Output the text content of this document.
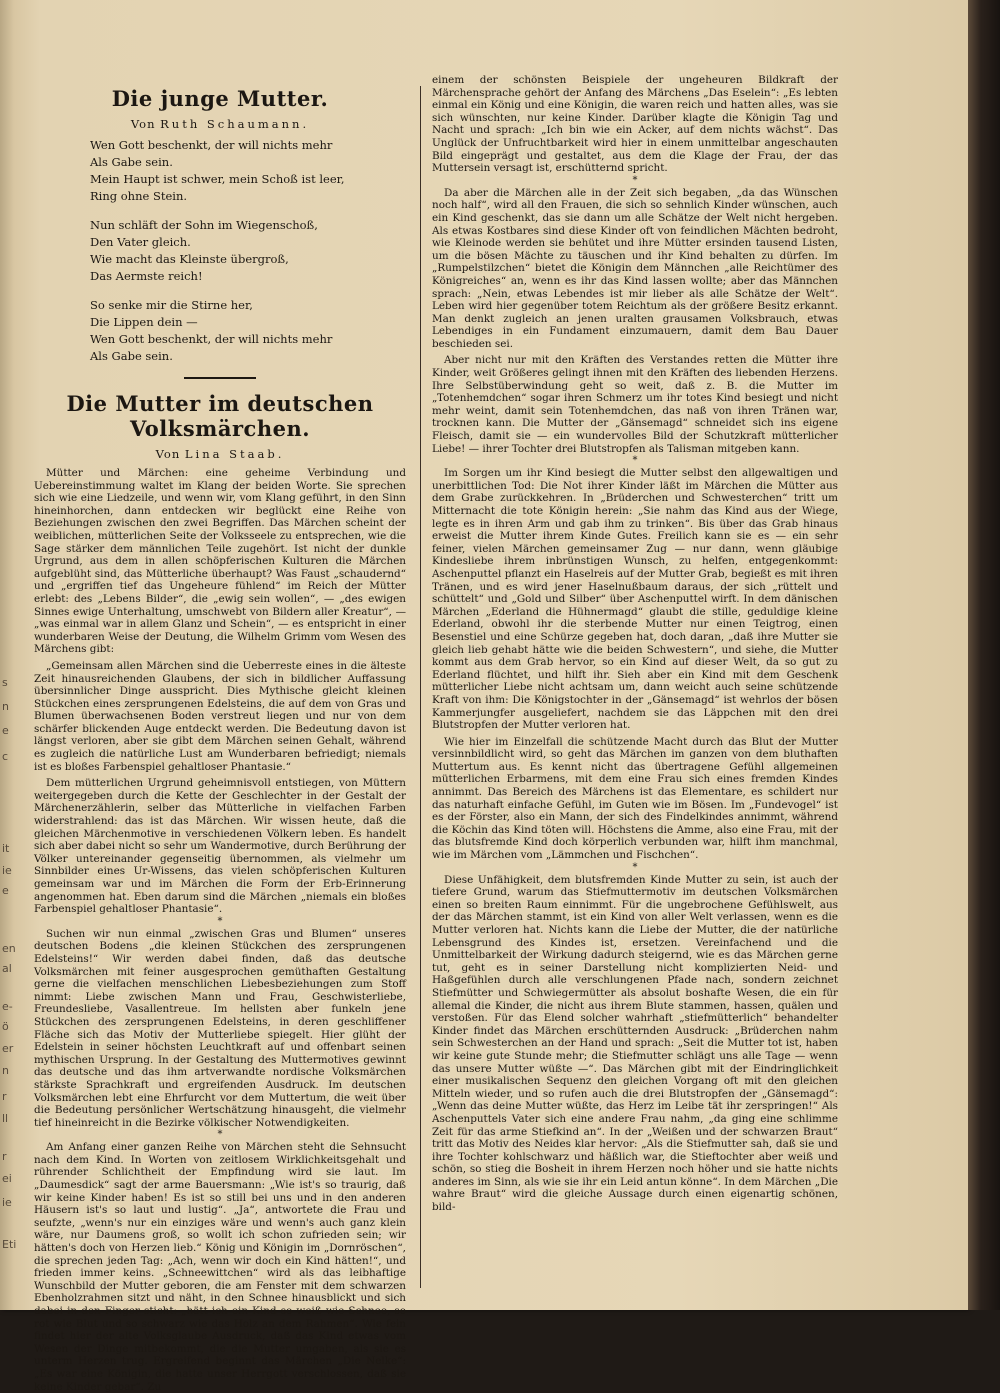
s
n
e
c
it
ie
e
en
al
e-
ö
er
n
r
ll
r
ei
ie
Eti
Die junge Mutter.
Von Ruth Schaumann.
Wen Gott beschenkt, der will nichts mehr
Als Gabe sein.
Mein Haupt ist schwer, mein Schoß ist leer,
Ring ohne Stein.
Nun schläft der Sohn im Wiegenschoß,
Den Vater gleich.
Wie macht das Kleinste übergroß,
Das Aermste reich!
So senke mir die Stirne her,
Die Lippen dein —
Wen Gott beschenkt, der will nichts mehr
Als Gabe sein.
Die Mutter im deutschen Volksmärchen.
Von Lina Staab.

Mütter und Märchen: eine geheime Verbindung und Uebereinstimmung waltet im Klang der beiden Worte. Sie sprechen sich wie eine Liedzeile, und wenn wir, vom Klang geführt, in den Sinn hineinhorchen, dann entdecken wir beglückt eine Reihe von Beziehungen zwischen den zwei Begriffen. Das Märchen scheint der weiblichen, mütterlichen Seite der Volksseele zu entsprechen, wie die Sage stärker dem männlichen Teile zugehört. Ist nicht der dunkle Urgrund, aus dem in allen schöpferischen Kulturen die Märchen aufgeblüht sind, das Mütterliche überhaupt? Was Faust „schaudernd“ und „ergriffen tief das Ungeheure fühlend“ im Reich der Mütter erlebt: des „Lebens Bilder“, die „ewig sein wollen“, — „des ewigen Sinnes ewige Unterhaltung, umschwebt von Bildern aller Kreatur“, — „was einmal war in allem Glanz und Schein“, — es entspricht in einer wunderbaren Weise der Deutung, die Wilhelm Grimm vom Wesen des Märchens gibt:

„Gemeinsam allen Märchen sind die Ueberreste eines in die älteste Zeit hinausreichenden Glaubens, der sich in bildlicher Auffassung übersinnlicher Dinge ausspricht. Dies Mythische gleicht kleinen Stückchen eines zersprungenen Edelsteins, die auf dem von Gras und Blumen überwachsenen Boden verstreut liegen und nur von dem schärfer blickenden Auge entdeckt werden. Die Bedeutung davon ist längst verloren, aber sie gibt dem Märchen seinen Gehalt, während es zugleich die natürliche Lust am Wunderbaren befriedigt; niemals ist es bloßes Farbenspiel gehaltloser Phantasie.“

Dem mütterlichen Urgrund geheimnisvoll entstiegen, von Müttern weitergegeben durch die Kette der Geschlechter in der Gestalt der Märchenerzählerin, selber das Mütterliche in vielfachen Farben widerstrahlend: das ist das Märchen. Wir wissen heute, daß die gleichen Märchenmotive in verschiedenen Völkern leben. Es handelt sich aber dabei nicht so sehr um Wandermotive, durch Berührung der Völker untereinander gegenseitig übernommen, als vielmehr um Sinnbilder eines Ur-Wissens, das vielen schöpferischen Kulturen gemeinsam war und im Märchen die Form der Erb-Erinnerung angenommen hat. Eben darum sind die Märchen „niemals ein bloßes Farbenspiel gehaltloser Phantasie“.

*

Suchen wir nun einmal „zwischen Gras und Blumen“ unseres deutschen Bodens „die kleinen Stückchen des zersprungenen Edelsteins!“ Wir werden dabei finden, daß das deutsche Volksmärchen mit feiner ausgesprochen gemüthaften Gestaltung gerne die vielfachen menschlichen Liebesbeziehungen zum Stoff nimmt: Liebe zwischen Mann und Frau, Geschwisterliebe, Freundesliebe, Vasallentreue. Im hellsten aber funkeln jene Stückchen des zersprungenen Edelsteins, in deren geschliffener Fläche sich das Motiv der Mutterliebe spiegelt. Hier glüht der Edelstein in seiner höchsten Leuchtkraft auf und offenbart seinen mythischen Ursprung. In der Gestaltung des Muttermotives gewinnt das deutsche und das ihm artverwandte nordische Volksmärchen stärkste Sprachkraft und ergreifenden Ausdruck. Im deutschen Volksmärchen lebt eine Ehrfurcht vor dem Muttertum, die weit über die Bedeutung persönlicher Wertschätzung hinausgeht, die vielmehr tief hineinreicht in die Bezirke völkischer Notwendigkeiten.

*

Am Anfang einer ganzen Reihe von Märchen steht die Sehnsucht nach dem Kind. In Worten von zeitlosem Wirklichkeitsgehalt und rührender Schlichtheit der Empfindung wird sie laut. Im „Daumesdick“ sagt der arme Bauersmann: „Wie ist's so traurig, daß wir keine Kinder haben! Es ist so still bei uns und in den anderen Häusern ist's so laut und lustig“. „Ja“, antwortete die Frau und seufzte, „wenn's nur ein einziges wäre und wenn's auch ganz klein wäre, nur Daumens groß, so wollt ich schon zufrieden sein; wir hätten's doch von Herzen lieb.“ König und Königin im „Dornröschen“, die sprechen jeden Tag: „Ach, wenn wir doch ein Kind hätten!“, und frieden immer keins. „Schneewittchen“ wird als das leibhaftige Wunschbild der Mutter geboren, die am Fenster mit dem schwarzen Ebenholzrahmen sitzt und näht, in den Schnee hinausblickt und sich dabei in den Finger sticht: „hätt ich ein Kind so weiß wie Schnee, so rot wie Blut und so schwarz wie das Holz an dem Rahmen“. Wie fein findet hier der alte Volksglaube Ausdruck, daß das Kind etwas vom Wesen der Dinge mitbekommt, die die Mutter umgaben, als sie es unterm Herzen trug. Ergreifend beginnt das Märchen „Die Nelke“: „Es war eine Königin, die hatte unser Herrgott verschlossen, daß sie keine Kinder gebar“. Zu

einem der schönsten Beispiele der ungeheuren Bildkraft der Märchensprache gehört der Anfang des Märchens „Das Eselein“: „Es lebten einmal ein König und eine Königin, die waren reich und hatten alles, was sie sich wünschten, nur keine Kinder. Darüber klagte die Königin Tag und Nacht und sprach: „Ich bin wie ein Acker, auf dem nichts wächst“. Das Unglück der Unfruchtbarkeit wird hier in einem unmittelbar angeschauten Bild eingeprägt und gestaltet, aus dem die Klage der Frau, der das Muttersein versagt ist, erschütternd spricht.

*

Da aber die Märchen alle in der Zeit sich begaben, „da das Wünschen noch half“, wird all den Frauen, die sich so sehnlich Kinder wünschen, auch ein Kind geschenkt, das sie dann um alle Schätze der Welt nicht hergeben. Als etwas Kostbares sind diese Kinder oft von feindlichen Mächten bedroht, wie Kleinode werden sie behütet und ihre Mütter ersinden tausend Listen, um die bösen Mächte zu täuschen und ihr Kind behalten zu dürfen. Im „Rumpelstilzchen“ bietet die Königin dem Männchen „alle Reichtümer des Königreiches“ an, wenn es ihr das Kind lassen wollte; aber das Männchen sprach: „Nein, etwas Lebendes ist mir lieber als alle Schätze der Welt“. Leben wird hier gegenüber totem Reichtum als der größere Besitz erkannt. Man denkt zugleich an jenen uralten grausamen Volksbrauch, etwas Lebendiges in ein Fundament einzumauern, damit dem Bau Dauer beschieden sei.

Aber nicht nur mit den Kräften des Verstandes retten die Mütter ihre Kinder, weit Größeres gelingt ihnen mit den Kräften des liebenden Herzens. Ihre Selbstüberwindung geht so weit, daß z. B. die Mutter im „Totenhemdchen“ sogar ihren Schmerz um ihr totes Kind besiegt und nicht mehr weint, damit sein Totenhemdchen, das naß von ihren Tränen war, trocknen kann. Die Mutter der „Gänsemagd“ schneidet sich ins eigene Fleisch, damit sie — ein wundervolles Bild der Schutzkraft mütterlicher Liebe! — ihrer Tochter drei Blutstropfen als Talisman mitgeben kann.

*

Im Sorgen um ihr Kind besiegt die Mutter selbst den allgewaltigen und unerbittlichen Tod: Die Not ihrer Kinder läßt im Märchen die Mütter aus dem Grabe zurückkehren. In „Brüderchen und Schwesterchen“ tritt um Mitternacht die tote Königin herein: „Sie nahm das Kind aus der Wiege, legte es in ihren Arm und gab ihm zu trinken“. Bis über das Grab hinaus erweist die Mutter ihrem Kinde Gutes. Freilich kann sie es — ein sehr feiner, vielen Märchen gemeinsamer Zug — nur dann, wenn gläubige Kindesliebe ihrem inbrünstigen Wunsch, zu helfen, entgegenkommt: Aschenputtel pflanzt ein Haselreis auf der Mutter Grab, begießt es mit ihren Tränen, und es wird jener Haselnußbaum daraus, der sich „rüttelt und schüttelt“ und „Gold und Silber“ über Aschenputtel wirft. In dem dänischen Märchen „Ederland die Hühnermagd“ glaubt die stille, geduldige kleine Ederland, obwohl ihr die sterbende Mutter nur einen Teigtrog, einen Besenstiel und eine Schürze gegeben hat, doch daran, „daß ihre Mutter sie gleich lieb gehabt hätte wie die beiden Schwestern“, und siehe, die Mutter kommt aus dem Grab hervor, so ein Kind auf dieser Welt, da so gut zu Ederland flüchtet, und hilft ihr. Sieh aber ein Kind mit dem Geschenk mütterlicher Liebe nicht achtsam um, dann weicht auch seine schützende Kraft von ihm: Die Königstochter in der „Gänsemagd“ ist wehrlos der bösen Kammerjungfer ausgeliefert, nachdem sie das Läppchen mit den drei Blutstropfen der Mutter verloren hat.

Wie hier im Einzelfall die schützende Macht durch das Blut der Mutter versinnbildlicht wird, so geht das Märchen im ganzen von dem bluthaften Muttertum aus. Es kennt nicht das übertragene Gefühl allgemeinen mütterlichen Erbarmens, mit dem eine Frau sich eines fremden Kindes annimmt. Das Bereich des Märchens ist das Elementare, es schildert nur das naturhaft einfache Gefühl, im Guten wie im Bösen. Im „Fundevogel“ ist es der Förster, also ein Mann, der sich des Findelkindes annimmt, während die Köchin das Kind töten will. Höchstens die Amme, also eine Frau, mit der das blutsfremde Kind doch körperlich verbunden war, hilft ihm manchmal, wie im Märchen vom „Lämmchen und Fischchen“.

*

Diese Unfähigkeit, dem blutsfremden Kinde Mutter zu sein, ist auch der tiefere Grund, warum das Stiefmuttermotiv im deutschen Volksmärchen einen so breiten Raum einnimmt. Für die ungebrochene Gefühlswelt, aus der das Märchen stammt, ist ein Kind von aller Welt verlassen, wenn es die Mutter verloren hat. Nichts kann die Liebe der Mutter, die der natürliche Lebensgrund des Kindes ist, ersetzen. Vereinfachend und die Unmittelbarkeit der Wirkung dadurch steigernd, wie es das Märchen gerne tut, geht es in seiner Darstellung nicht komplizierten Neid- und Haßgefühlen durch alle verschlungenen Pfade nach, sondern zeichnet Stiefmütter und Schwiegermütter als absolut boshafte Wesen, die ein für allemal die Kinder, die nicht aus ihrem Blute stammen, hassen, quälen und verstoßen. Für das Elend solcher wahrhaft „stiefmütterlich“ behandelter Kinder findet das Märchen erschütternden Ausdruck: „Brüderchen nahm sein Schwesterchen an der Hand und sprach: „Seit die Mutter tot ist, haben wir keine gute Stunde mehr; die Stiefmutter schlägt uns alle Tage — wenn das unsere Mutter wüßte —“. Das Märchen gibt mit der Eindringlichkeit einer musikalischen Sequenz den gleichen Vorgang oft mit den gleichen Mitteln wieder, und so rufen auch die drei Blutstropfen der „Gänsemagd“: „Wenn das deine Mutter wüßte, das Herz im Leibe tät ihr zerspringen!“ Als Aschenputtels Vater sich eine andere Frau nahm, „da ging eine schlimme Zeit für das arme Stiefkind an“. In der „Weißen und der schwarzen Braut“ tritt das Motiv des Neides klar hervor: „Als die Stiefmutter sah, daß sie und ihre Tochter kohlschwarz und häßlich war, die Stieftochter aber weiß und schön, so stieg die Bosheit in ihrem Herzen noch höher und sie hatte nichts anderes im Sinn, als wie sie ihr ein Leid antun könne“. In dem Märchen „Die wahre Braut“ wird die gleiche Aussage durch einen eigenartig schönen, bild-
